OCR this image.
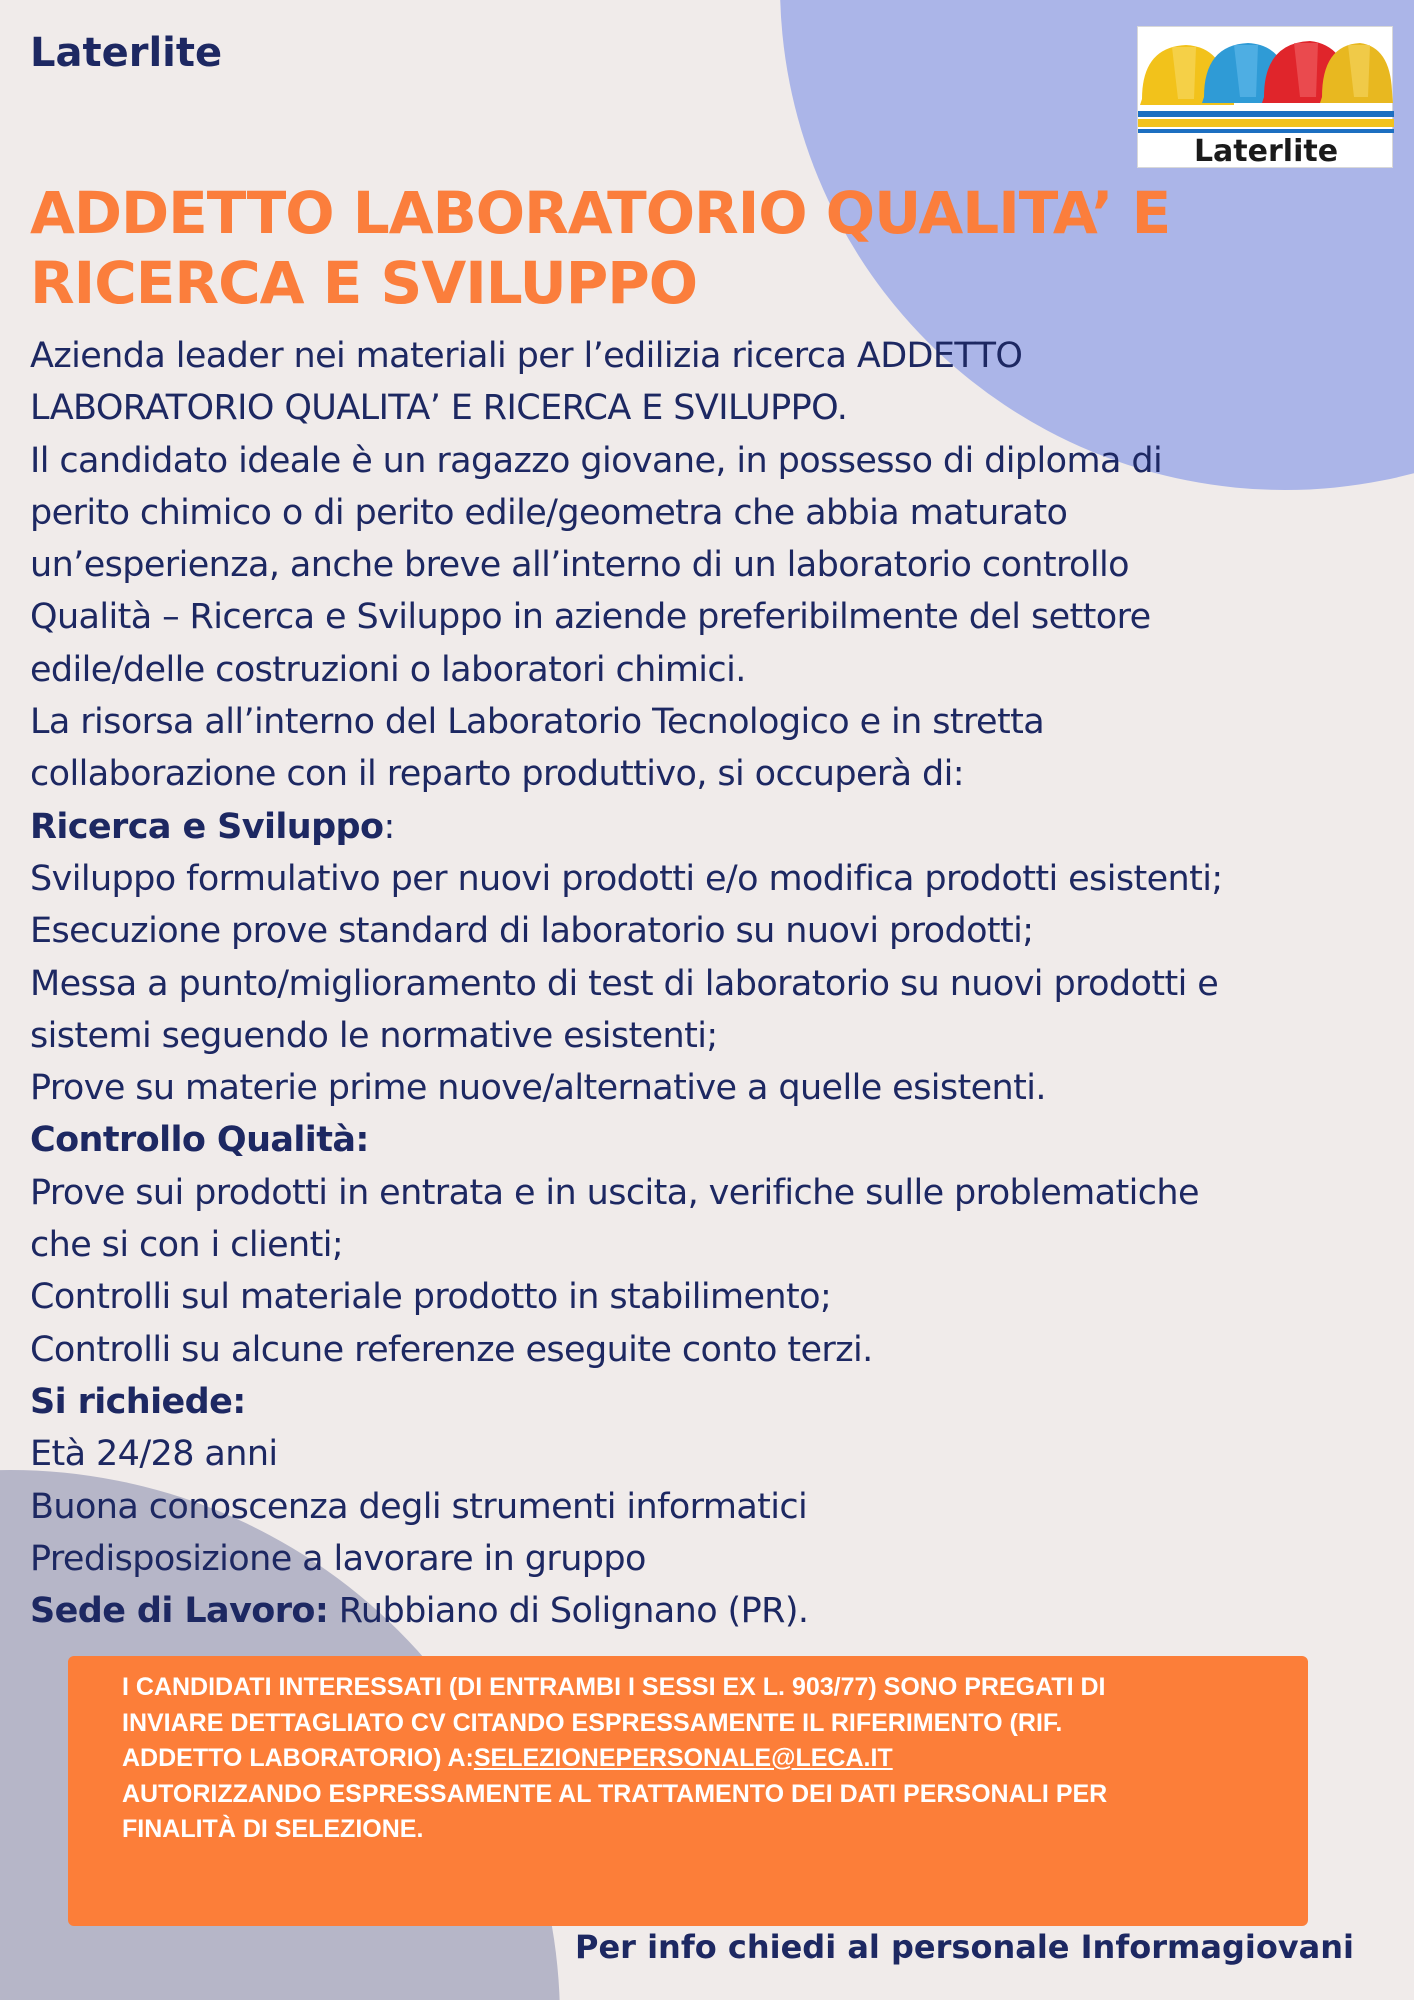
Laterlite
Laterlite
ADDETTO LABORATORIO QUALITA’ E
RICERCA E SVILUPPO

Azienda leader nei materiali per l’edilizia ricerca ADDETTO

LABORATORIO QUALITA’ E RICERCA E SVILUPPO.

Il candidato ideale è un ragazzo giovane, in possesso di diploma di

perito chimico o di perito edile/geometra che abbia maturato

un’esperienza, anche breve all’interno di un laboratorio controllo

Qualità – Ricerca e Sviluppo in aziende preferibilmente del settore

edile/delle costruzioni o laboratori chimici.

La risorsa all’interno del Laboratorio Tecnologico e in stretta

collaborazione con il reparto produttivo, si occuperà di:

Ricerca e Sviluppo:

Sviluppo formulativo per nuovi prodotti e/o modifica prodotti esistenti;

Esecuzione prove standard di laboratorio su nuovi prodotti;

Messa a punto/miglioramento di test di laboratorio su nuovi prodotti e

sistemi seguendo le normative esistenti;

Prove su materie prime nuove/alternative a quelle esistenti.

Controllo Qualità:

Prove sui prodotti in entrata e in uscita, verifiche sulle problematiche

che si con i clienti;

Controlli sul materiale prodotto in stabilimento;

Controlli su alcune referenze eseguite conto terzi.

Si richiede:

Età 24/28 anni

Buona conoscenza degli strumenti informatici

Predisposizione a lavorare in gruppo

Sede di Lavoro: Rubbiano di Solignano (PR).

I CANDIDATI INTERESSATI (DI ENTRAMBI I SESSI EX L. 903/77) SONO PREGATI DI

INVIARE DETTAGLIATO CV CITANDO ESPRESSAMENTE IL RIFERIMENTO (RIF.

ADDETTO LABORATORIO) A:SELEZIONEPERSONALE@LECA.IT

AUTORIZZANDO ESPRESSAMENTE AL TRATTAMENTO DEI DATI PERSONALI PER

FINALITÀ DI SELEZIONE.

Per info chiedi al personale Informagiovani
